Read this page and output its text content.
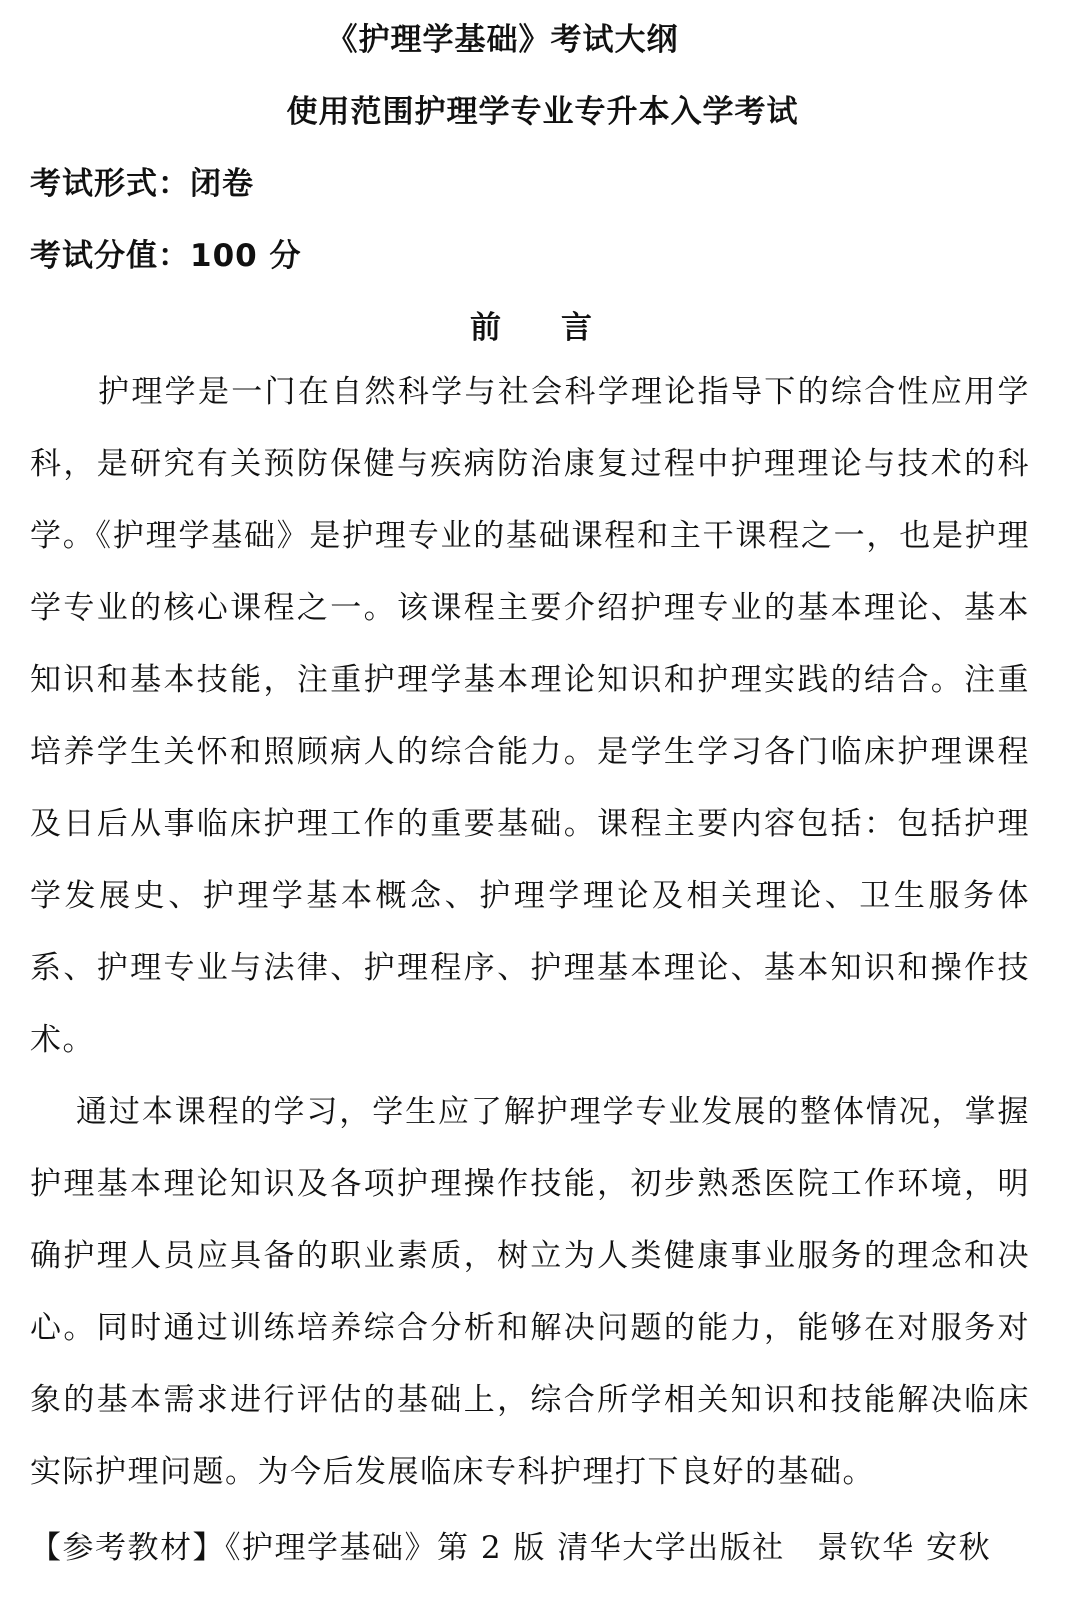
《护理学基础》考试大纲
使用范围护理学专业专升本入学考试
考试形式：闭卷
考试分值：100 分
前言

护理学是一门在自然科学与社会科学理论指导下的综合性应用学科，是研究有关预防保健与疾病防治康复过程中护理理论与技术的科学。《护理学基础》是护理专业的基础课程和主干课程之一，也是护理学专业的核心课程之一。该课程主要介绍护理专业的基本理论、基本知识和基本技能，注重护理学基本理论知识和护理实践的结合。注重培养学生关怀和照顾病人的综合能力。是学生学习各门临床护理课程及日后从事临床护理工作的重要基础。课程主要内容包括：包括护理学发展史、护理学基本概念、护理学理论及相关理论、卫生服务体系、护理专业与法律、护理程序、护理基本理论、基本知识和操作技术。

通过本课程的学习，学生应了解护理学专业发展的整体情况，掌握护理基本理论知识及各项护理操作技能，初步熟悉医院工作环境，明确护理人员应具备的职业素质，树立为人类健康事业服务的理念和决心。同时通过训练培养综合分析和解决问题的能力，能够在对服务对象的基本需求进行评估的基础上，综合所学相关知识和技能解决临床实际护理问题。为今后发展临床专科护理打下良好的基础。

【参考教材】《护理学基础》第 2 版 清华大学出版社　景钦华 安秋
